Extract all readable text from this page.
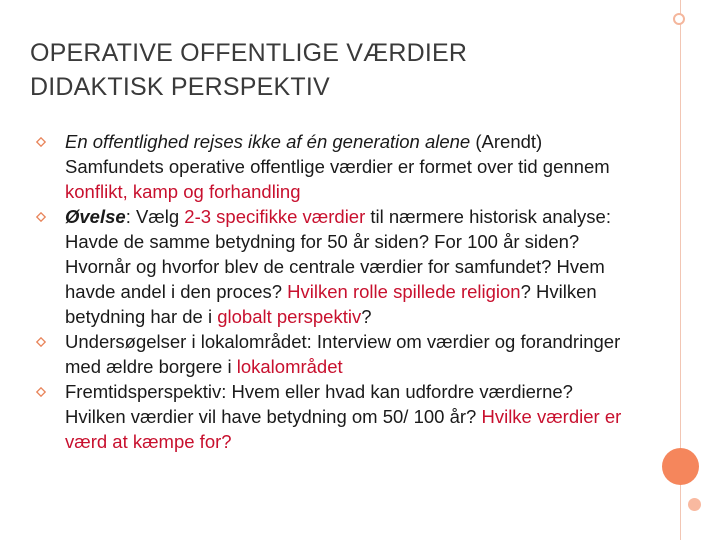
OPERATIVE OFFENTLIGE VÆRDIER
DIDAKTISK PERSPEKTIV
En offentlighed rejses ikke af én generation alene (Arendt) Samfundets operative offentlige værdier er formet over tid gennem konflikt, kamp og forhandling
Øvelse: Vælg 2-3 specifikke værdier til nærmere historisk analyse: Havde de samme betydning for 50 år siden? For 100 år siden? Hvornår og hvorfor blev de centrale værdier for samfundet? Hvem havde andel i den proces? Hvilken rolle spillede religion? Hvilken betydning har de i globalt perspektiv?
Undersøgelser i lokalområdet: Interview om værdier og forandringer med ældre borgere i lokalområdet
Fremtidsperspektiv: Hvem eller hvad kan udfordre værdierne? Hvilken værdier vil have betydning om 50/ 100 år? Hvilke værdier er værd at kæmpe for?
